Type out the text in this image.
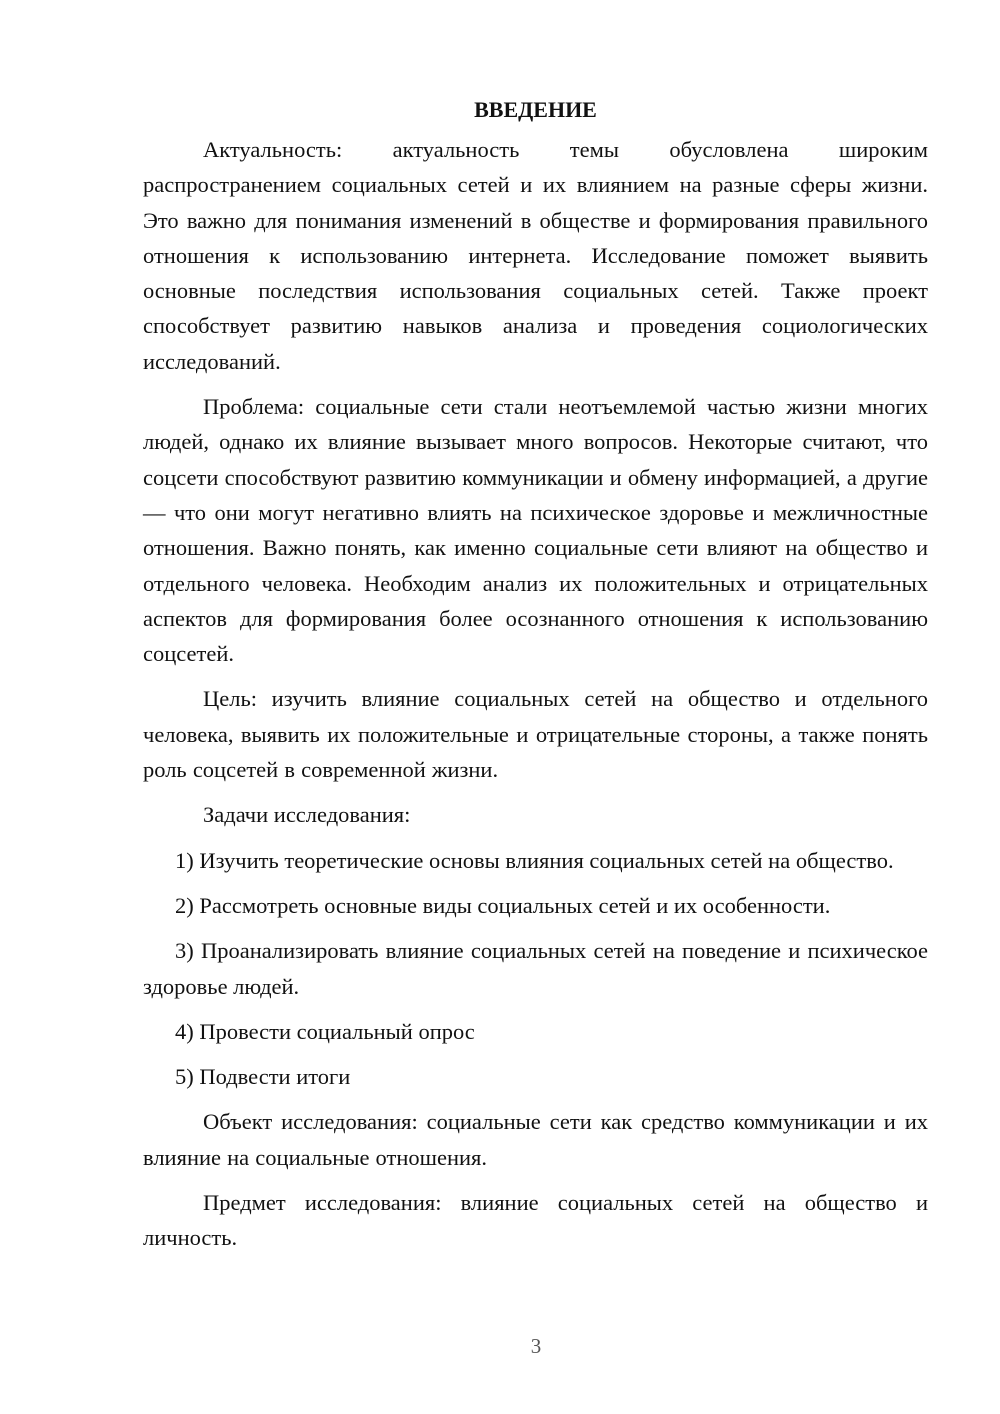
ВВЕДЕНИЕ

Актуальность: актуальность темы обусловлена широким распространением социальных сетей и их влиянием на разные сферы жизни. Это важно для понимания изменений в обществе и формирования правильного отношения к использованию интернета. Исследование поможет выявить основные последствия использования социальных сетей. Также проект способствует развитию навыков анализа и проведения социологических исследований.

Проблема: социальные сети стали неотъемлемой частью жизни многих людей, однако их влияние вызывает много вопросов. Некоторые считают, что соцсети способствуют развитию коммуникации и обмену информацией, а другие — что они могут негативно влиять на психическое здоровье и межличностные отношения. Важно понять, как именно социальные сети влияют на общество и отдельного человека. Необходим анализ их положительных и отрицательных аспектов для формирования более осознанного отношения к использованию соцсетей.

Цель: изучить влияние социальных сетей на общество и отдельного человека, выявить их положительные и отрицательные стороны, а также понять роль соцсетей в современной жизни.

Задачи исследования:

1) Изучить теоретические основы влияния социальных сетей на общество.

2) Рассмотреть основные виды социальных сетей и их особенности.

3) Проанализировать влияние социальных сетей на поведение и психическое здоровье людей.

4) Провести социальный опрос

5) Подвести итоги

Объект исследования: социальные сети как средство коммуникации и их влияние на социальные отношения.

Предмет исследования: влияние социальных сетей на общество и личность.

3
